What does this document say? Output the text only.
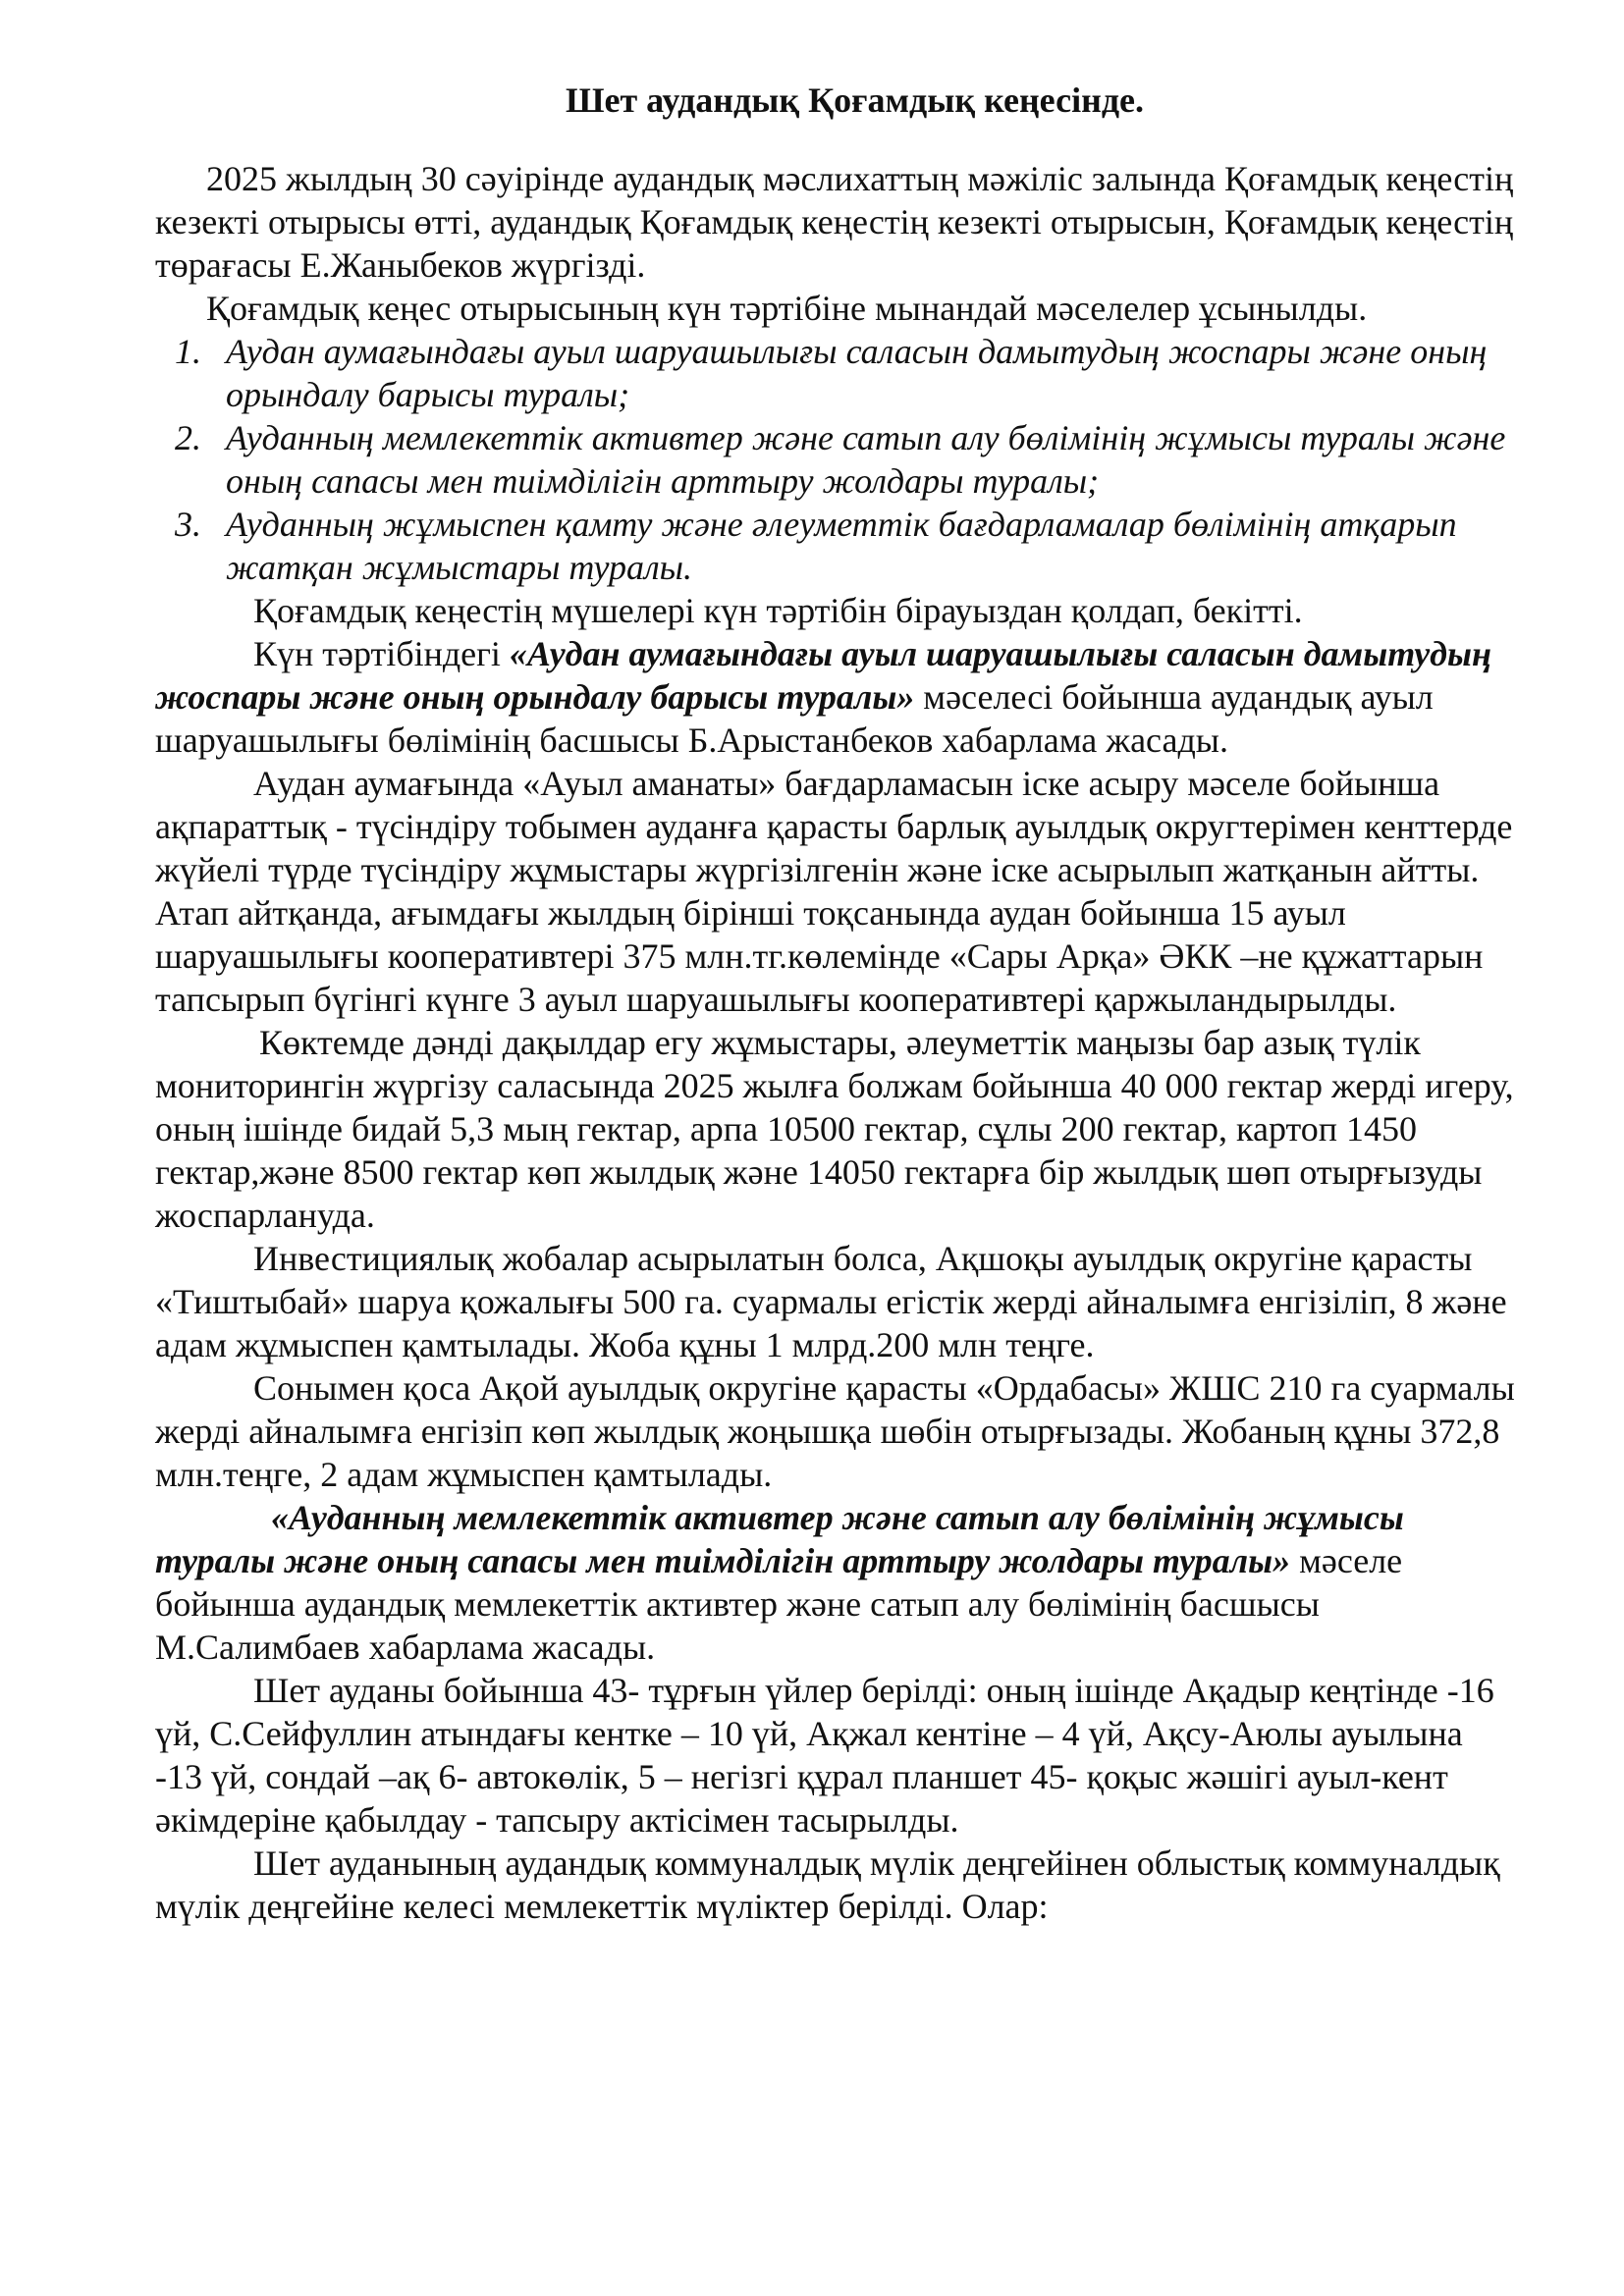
Шет аудандық Қоғамдық кеңесінде.

2025 жылдың 30 сәуірінде аудандық мәслихаттың мәжіліс залында Қоғамдық кеңестің кезекті отырысы өтті, аудандық Қоғамдық кеңестің кезекті отырысын, Қоғамдық кеңестің төрағасы Е.Жаныбеков жүргізді.

Қоғамдық кеңес отырысының күн тәртібіне мынандай мәселелер ұсынылды.

1. Аудан аумағындағы ауыл шаруашылығы саласын дамытудың жоспары және оның орындалу барысы туралы;
2. Ауданның мемлекеттік активтер және сатып алу бөлімінің жұмысы туралы және оның сапасы мен тиімділігін арттыру жолдары туралы;
3. Ауданның жұмыспен қамту және әлеуметтік бағдарламалар бөлімінің атқарып жатқан жұмыстары туралы.

Қоғамдық кеңестің мүшелері күн тәртібін бірауыздан қолдап, бекітті.

Күн тәртібіндегі «Аудан аумағындағы ауыл шаруашылығы саласын дамытудың жоспары және оның орындалу барысы туралы» мәселесі бойынша аудандық ауыл шаруашылығы бөлімінің басшысы Б.Арыстанбеков хабарлама жасады.

Аудан аумағында «Ауыл аманаты» бағдарламасын іске асыру мәселе бойынша ақпараттық - түсіндіру тобымен ауданға қарасты барлық ауылдық округтерімен кенттерде жүйелі түрде түсіндіру жұмыстары жүргізілгенін және іске асырылып жатқанын айтты. Атап айтқанда, ағымдағы жылдың бірінші тоқсанында аудан бойынша 15 ауыл шаруашылығы кооперативтері 375 млн.тг.көлемінде «Сары Арқа» ӘКК –не құжаттарын тапсырып бүгінгі күнге 3 ауыл шаруашылығы кооперативтері қаржыландырылды.

Көктемде дәнді дақылдар егу жұмыстары, әлеуметтік маңызы бар азық түлік мониторингін жүргізу саласында 2025 жылға болжам бойынша 40 000 гектар жерді игеру, оның ішінде бидай 5,3 мың гектар, арпа 10500 гектар, сұлы 200 гектар, картоп 1450 гектар,және 8500 гектар көп жылдық және 14050 гектарға бір жылдық шөп отырғызуды жоспарлануда.

Инвестициялық жобалар асырылатын болса, Ақшоқы ауылдық округіне қарасты «Тиштыбай» шаруа қожалығы 500 га. суармалы егістік жерді айналымға енгізіліп, 8 және адам жұмыспен қамтылады. Жоба құны 1 млрд.200 млн теңге.

Сонымен қоса Ақой ауылдық округіне қарасты «Ордабасы» ЖШС 210 га суармалы жерді айналымға енгізіп көп жылдық жоңышқа шөбін отырғызады. Жобаның құны 372,8 млн.теңге, 2 адам жұмыспен қамтылады.

«Ауданның мемлекеттік активтер және сатып алу бөлімінің жұмысы туралы және оның сапасы мен тиімділігін арттыру жолдары туралы» мәселе бойынша аудандық мемлекеттік активтер және сатып алу бөлімінің басшысы М.Салимбаев хабарлама жасады.

Шет ауданы бойынша 43- тұрғын үйлер берілді: оның ішінде Ақадыр кеңтінде -16 үй, С.Сейфуллин атындағы кентке – 10 үй, Ақжал кентіне – 4 үй, Ақсу-Аюлы ауылына -13 үй, сондай –ақ 6- автокөлік, 5 – негізгі құрал планшет 45- қоқыс жәшігі ауыл-кент әкімдеріне қабылдау - тапсыру актісімен тасырылды.

Шет ауданының аудандық коммуналдық мүлік деңгейінен облыстық коммуналдық мүлік деңгейіне келесі мемлекеттік мүліктер берілді. Олар:
